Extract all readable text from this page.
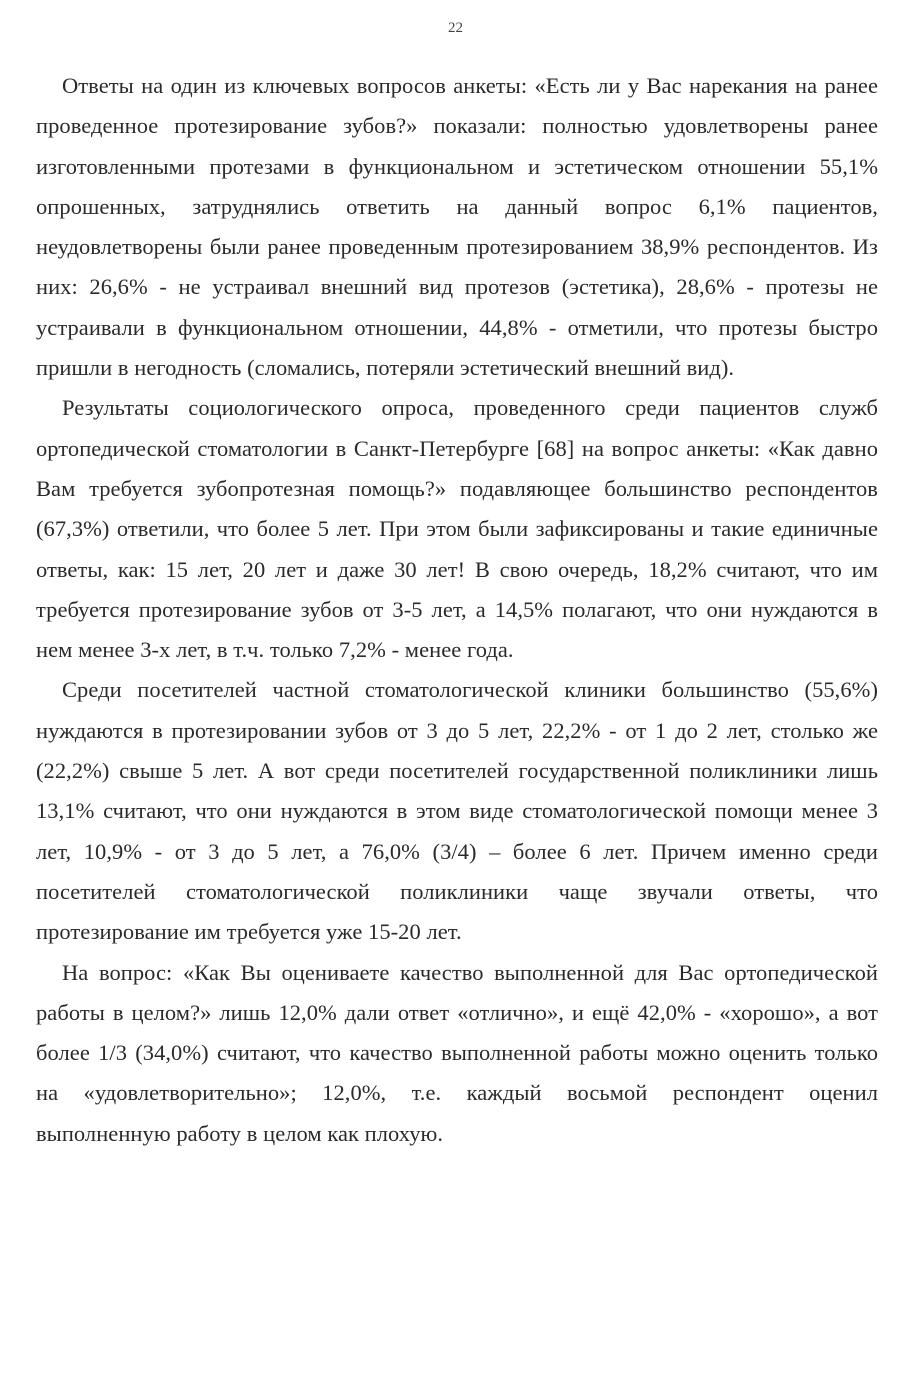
22

Ответы на один из ключевых вопросов анкеты: «Есть ли у Вас нарекания на ранее проведенное протезирование зубов?» показали: полностью удовлетворены ранее изготовленными протезами в функциональном и эстетическом отношении 55,1% опрошенных, затруднялись ответить на данный вопрос 6,1% пациентов, неудовлетворены были ранее проведенным протезированием 38,9% респондентов. Из них: 26,6% - не устраивал внешний вид протезов (эстетика), 28,6% - протезы не устраивали в функциональном отношении, 44,8% - отметили, что протезы быстро пришли в негодность (сломались, потеряли эстетический внешний вид).

Результаты социологического опроса, проведенного среди пациентов служб ортопедической стоматологии в Санкт-Петербурге [68] на вопрос анкеты: «Как давно Вам требуется зубопротезная помощь?» подавляющее большинство респондентов (67,3%) ответили, что более 5 лет. При этом были зафиксированы и такие единичные ответы, как: 15 лет, 20 лет и даже 30 лет! В свою очередь, 18,2% считают, что им требуется протезирование зубов от 3-5 лет, а 14,5% полагают, что они нуждаются в нем менее 3-х лет, в т.ч. только 7,2% - менее года.

Среди посетителей частной стоматологической клиники большинство (55,6%) нуждаются в протезировании зубов от 3 до 5 лет, 22,2% - от 1 до 2 лет, столько же (22,2%) свыше 5 лет. А вот среди посетителей государственной поликлиники лишь 13,1% считают, что они нуждаются в этом виде стоматологической помощи менее 3 лет, 10,9% - от 3 до 5 лет, а 76,0% (3/4) – более 6 лет. Причем именно среди посетителей стоматологической поликлиники чаще звучали ответы, что протезирование им требуется уже 15-20 лет.

На вопрос: «Как Вы оцениваете качество выполненной для Вас ортопедической работы в целом?» лишь 12,0% дали ответ «отлично», и ещё 42,0% - «хорошо», а вот более 1/3 (34,0%) считают, что качество выполненной работы можно оценить только на «удовлетворительно»; 12,0%, т.е. каждый восьмой респондент оценил выполненную работу в целом как плохую.
